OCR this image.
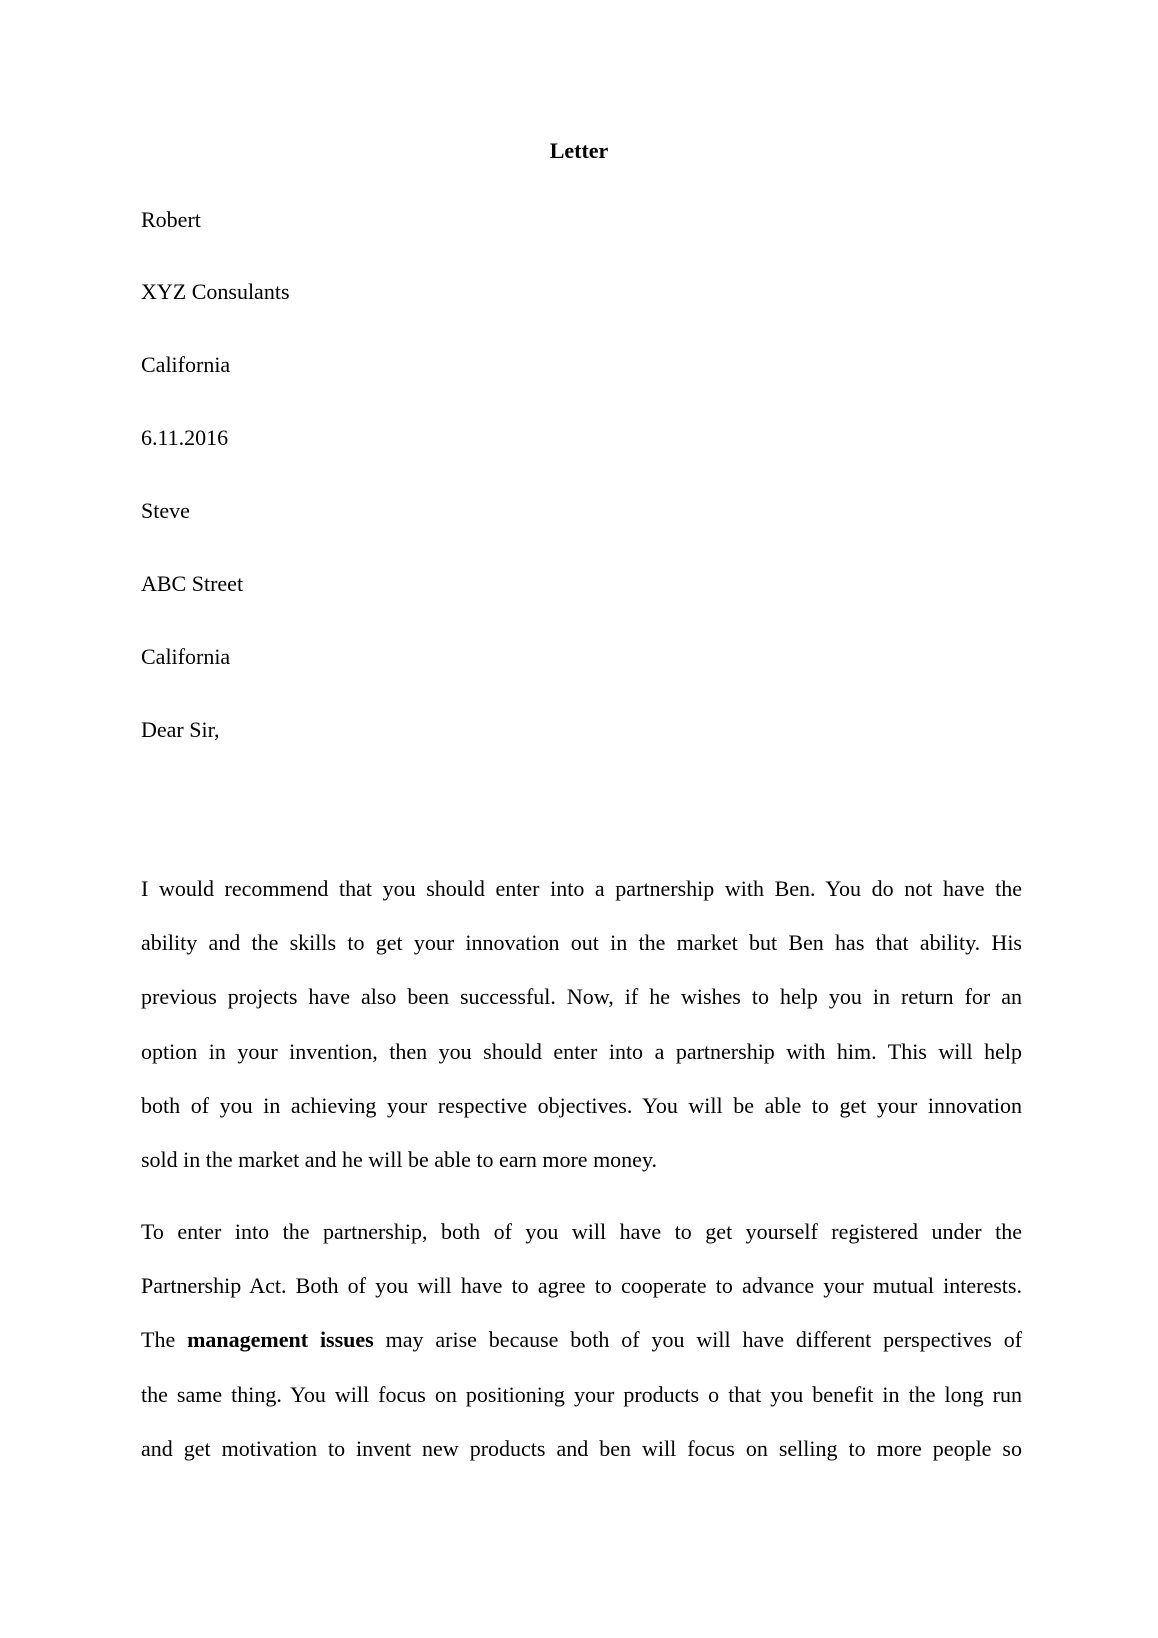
Letter
Robert
XYZ Consulants
California
6.11.2016
Steve
ABC Street
California
Dear Sir,
I would recommend that you should enter into a partnership with Ben. You do not have the
ability and the skills to get your innovation out in the market but Ben has that ability. His
previous projects have also been successful. Now, if he wishes to help you in return for an
option in your invention, then you should enter into a partnership with him. This will help
both of you in achieving your respective objectives. You will be able to get your innovation
sold in the market and he will be able to earn more money.
To enter into the partnership, both of you will have to get yourself registered under the
Partnership Act. Both of you will have to agree to cooperate to advance your mutual interests.
The management issues may arise because both of you will have different perspectives of
the same thing. You will focus on positioning your products o that you benefit in the long run
and get motivation to invent new products and ben will focus on selling to more people so
